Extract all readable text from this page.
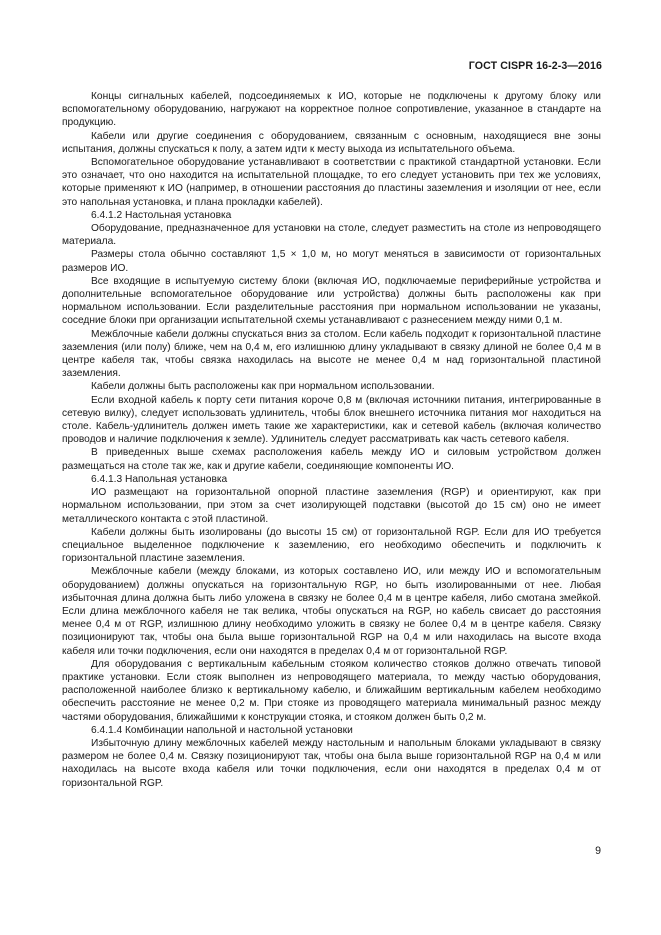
ГОСТ CISPR 16-2-3—2016

Концы сигнальных кабелей, подсоединяемых к ИО, которые не подключены к другому блоку или вспомогательному оборудованию, нагружают на корректное полное сопротивление, указанное в стандарте на продукцию.

Кабели или другие соединения с оборудованием, связанным с основным, находящиеся вне зоны испытания, должны спускаться к полу, а затем идти к месту выхода из испытательного объема.

Вспомогательное оборудование устанавливают в соответствии с практикой стандартной установки. Если это означает, что оно находится на испытательной площадке, то его следует установить при тех же условиях, которые применяют к ИО (например, в отношении расстояния до пластины заземления и изоляции от нее, если это напольная установка, и плана прокладки кабелей).

6.4.1.2 Настольная установка

Оборудование, предназначенное для установки на столе, следует разместить на столе из непроводящего материала.

Размеры стола обычно составляют 1,5 × 1,0 м, но могут меняться в зависимости от горизонтальных размеров ИО.

Все входящие в испытуемую систему блоки (включая ИО, подключаемые периферийные устройства и дополнительные вспомогательное оборудование или устройства) должны быть расположены как при нормальном использовании. Если разделительные расстояния при нормальном использовании не указаны, соседние блоки при организации испытательной схемы устанавливают с разнесением между ними 0,1 м.

Межблочные кабели должны спускаться вниз за столом. Если кабель подходит к горизонтальной пластине заземления (или полу) ближе, чем на 0,4 м, его излишнюю длину укладывают в связку длиной не более 0,4 м в центре кабеля так, чтобы связка находилась на высоте не менее 0,4 м над горизонтальной пластиной заземления.

Кабели должны быть расположены как при нормальном использовании.

Если входной кабель к порту сети питания короче 0,8 м (включая источники питания, интегрированные в сетевую вилку), следует использовать удлинитель, чтобы блок внешнего источника питания мог находиться на столе. Кабель-удлинитель должен иметь такие же характеристики, как и сетевой кабель (включая количество проводов и наличие подключения к земле). Удлинитель следует рассматривать как часть сетевого кабеля.

В приведенных выше схемах расположения кабель между ИО и силовым устройством должен размещаться на столе так же, как и другие кабели, соединяющие компоненты ИО.

6.4.1.3 Напольная установка

ИО размещают на горизонтальной опорной пластине заземления (RGP) и ориентируют, как при нормальном использовании, при этом за счет изолирующей подставки (высотой до 15 см) оно не имеет металлического контакта с этой пластиной.

Кабели должны быть изолированы (до высоты 15 см) от горизонтальной RGP. Если для ИО требуется специальное выделенное подключение к заземлению, его необходимо обеспечить и подключить к горизонтальной пластине заземления.

Межблочные кабели (между блоками, из которых составлено ИО, или между ИО и вспомогательным оборудованием) должны опускаться на горизонтальную RGP, но быть изолированными от нее. Любая избыточная длина должна быть либо уложена в связку не более 0,4 м в центре кабеля, либо смотана змейкой. Если длина межблочного кабеля не так велика, чтобы опускаться на RGP, но кабель свисает до расстояния менее 0,4 м от RGP, излишнюю длину необходимо уложить в связку не более 0,4 м в центре кабеля. Связку позиционируют так, чтобы она была выше горизонтальной RGP на 0,4 м или находилась на высоте входа кабеля или точки подключения, если они находятся в пределах 0,4 м от горизонтальной RGP.

Для оборудования с вертикальным кабельным стояком количество стояков должно отвечать типовой практике установки. Если стояк выполнен из непроводящего материала, то между частью оборудования, расположенной наиболее близко к вертикальному кабелю, и ближайшим вертикальным кабелем необходимо обеспечить расстояние не менее 0,2 м. При стояке из проводящего материала минимальный разнос между частями оборудования, ближайшими к конструкции стояка, и стояком должен быть 0,2 м.

6.4.1.4 Комбинации напольной и настольной установки

Избыточную длину межблочных кабелей между настольным и напольным блоками укладывают в связку размером не более 0,4 м. Связку позиционируют так, чтобы она была выше горизонтальной RGP на 0,4 м или находилась на высоте входа кабеля или точки подключения, если они находятся в пределах 0,4 м от горизонтальной RGP.

9
